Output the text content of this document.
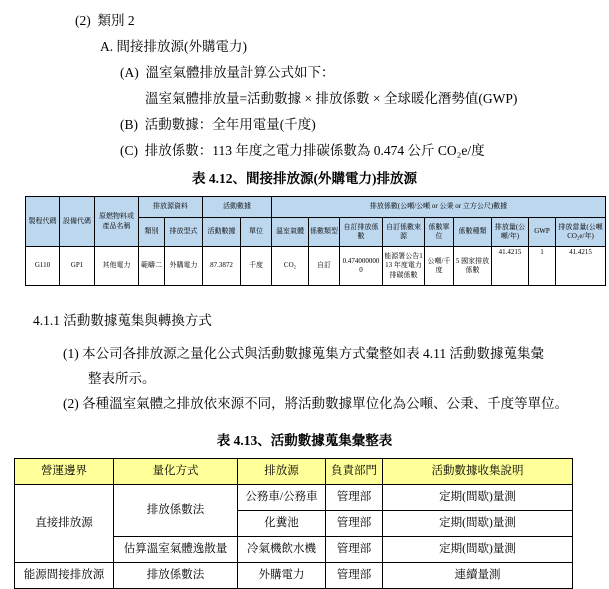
(2)  類別 2
A. 間接排放源(外購電力)
(A)  溫室氣體排放量計算公式如下：
溫室氣體排放量=活動數據 × 排放係數 × 全球暖化潛勢值(GWP)
(B)  活動數據：全年用電量(千度)
(C)  排放係數：113 年度之電力排碳係數為 0.474 公斤 CO₂e/度
表 4.12、間接排放源(外購電力)排放源
製程代碼	設備代碼	原燃物料或產品名稱	排放源資料		活動數據		排放係數(公噸/公噸 or 公秉 or 立方公尺)數據								
			類別	排放型式	活動數據	單位	溫室氣體	係數類型	自訂排放係數	自訂係數來源	係數單位	係數種類	排放量(公噸/年)	GWP	排放當量(公噸 CO₂e/年)
G110	GP1	其他電力	範疇二	外購電力	87.3872	千度	CO₂	自訂	0.4740000000	能源署公告113 年度電力排碳係數	公噸/千度	5 國家排放係數	41.4215	1	41.4215
4.1.1 活動數據蒐集與轉換方式
(1) 本公司各排放源之量化公式與活動數據蒐集方式彙整如表 4.11 活動數據蒐集彙整表所示。
(2) 各種溫室氣體之排放依來源不同，將活動數據單位化為公噸、公秉、千度等單位。
表 4.13、活動數據蒐集彙整表
營運邊界	量化方式	排放源	負責部門	活動數據收集說明
直接排放源	排放係數法	公務車/公務車	管理部	定期(間歇)量測
		化糞池	管理部	定期(間歇)量測
	估算溫室氣體逸散量	冷氣機飲水機	管理部	定期(間歇)量測
能源間接排放源	排放係數法	外購電力	管理部	連續量測
